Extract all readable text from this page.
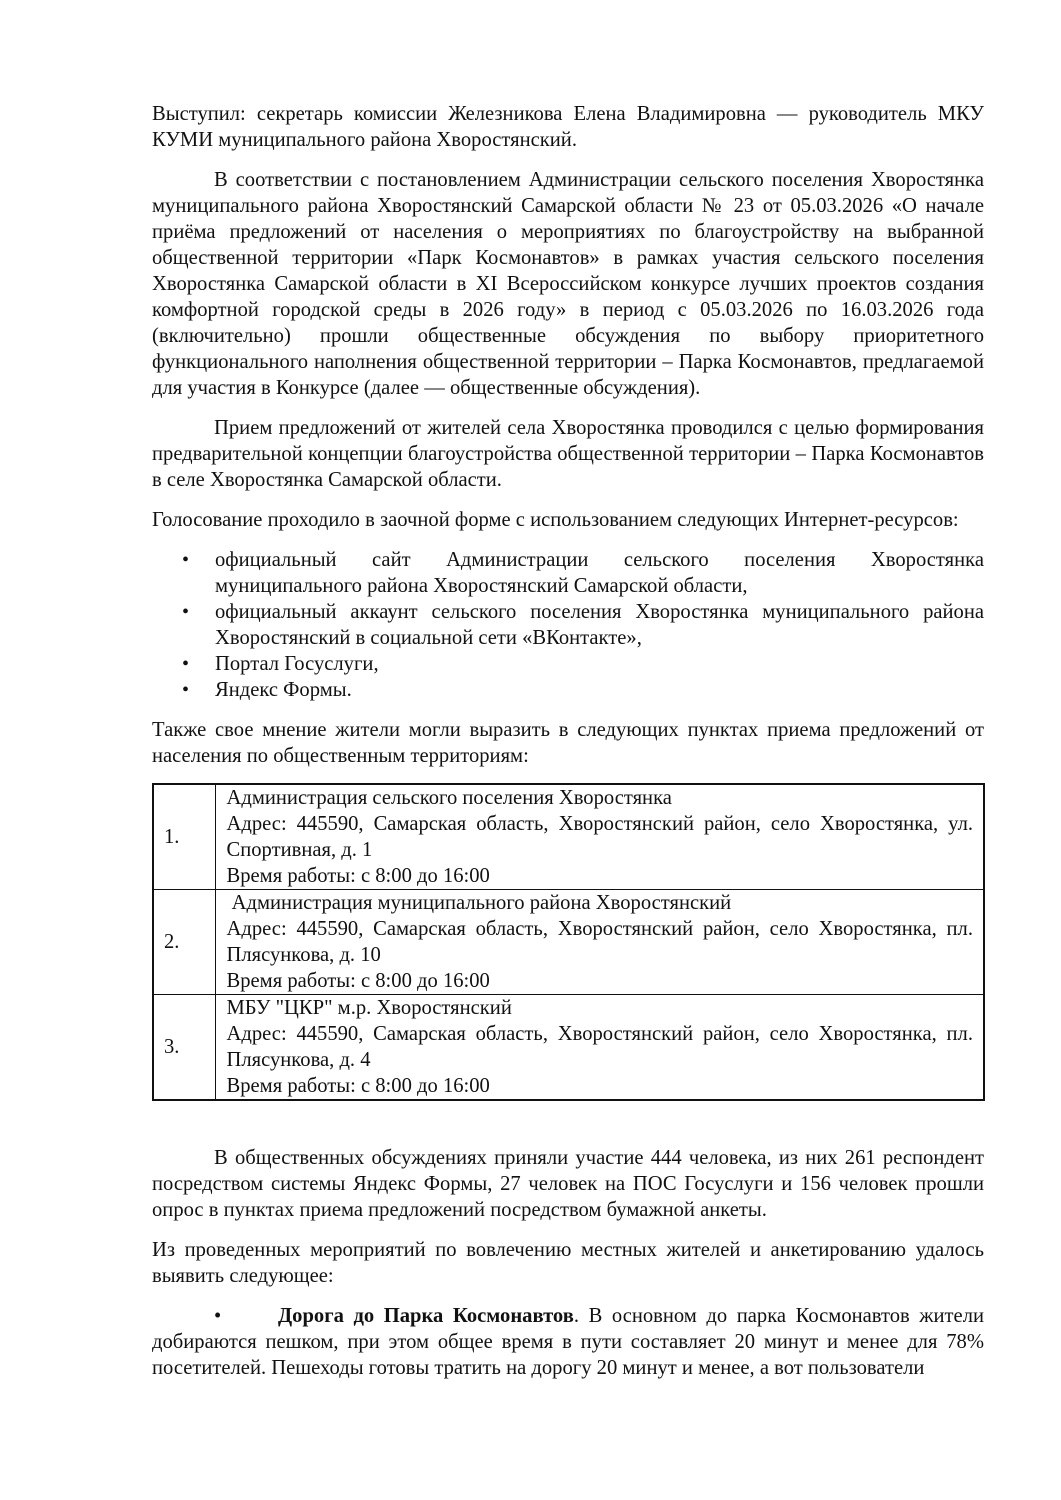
Выступил: секретарь комиссии Железникова Елена Владимировна — руководитель МКУ КУМИ муниципального района Хворостянский.

В соответствии с постановлением Администрации сельского поселения Хворостянка муниципального района Хворостянский Самарской области № 23 от 05.03.2026 «О начале приёма предложений от населения о мероприятиях по благоустройству на выбранной общественной территории «Парк Космонавтов» в рамках участия сельского поселения Хворостянка Самарской области в XI Всероссийском конкурсе лучших проектов создания комфортной городской среды в 2026 году» в период с 05.03.2026 по 16.03.2026 года (включительно) прошли общественные обсуждения по выбору приоритетного функционального наполнения общественной территории – Парка Космонавтов, предлагаемой для участия в Конкурсе (далее — общественные обсуждения).

Прием предложений от жителей села Хворостянка проводился с целью формирования предварительной концепции благоустройства общественной территории – Парка Космонавтов в селе Хворостянка Самарской области.

Голосование проходило в заочной форме с использованием следующих Интернет-ресурсов:

• официальный сайт Администрации сельского поселения Хворостянка муниципального района Хворостянский Самарской области,
• официальный аккаунт сельского поселения Хворостянка муниципального района Хворостянский в социальной сети «ВКонтакте»,
• Портал Госуслуги,
• Яндекс Формы.

Также свое мнение жители могли выразить в следующих пунктах приема предложений от населения по общественным территориям:

1.	Администрация сельского поселения Хворостянка
Адрес: 445590, Самарская область, Хворостянский район, село Хворостянка, ул. Спортивная, д. 1
Время работы: с 8:00 до 16:00

2.	Администрация муниципального района Хворостянский
Адрес: 445590, Самарская область, Хворостянский район, село Хворостянка, пл. Плясункова, д. 10
Время работы: с 8:00 до 16:00

3.	МБУ "ЦКР" м.р. Хворостянский
Адрес: 445590, Самарская область, Хворостянский район, село Хворостянка, пл. Плясункова, д. 4
Время работы: с 8:00 до 16:00

В общественных обсуждениях приняли участие 444 человека, из них 261 респондент посредством системы Яндекс Формы, 27 человек на ПОС Госуслуги и 156 человек прошли опрос в пунктах приема предложений посредством бумажной анкеты.

Из проведенных мероприятий по вовлечению местных жителей и анкетированию удалось выявить следующее:

•	Дорога до Парка Космонавтов. В основном до парка Космонавтов жители добираются пешком, при этом общее время в пути составляет 20 минут и менее для 78% посетителей. Пешеходы готовы тратить на дорогу 20 минут и менее, а вот пользователи
